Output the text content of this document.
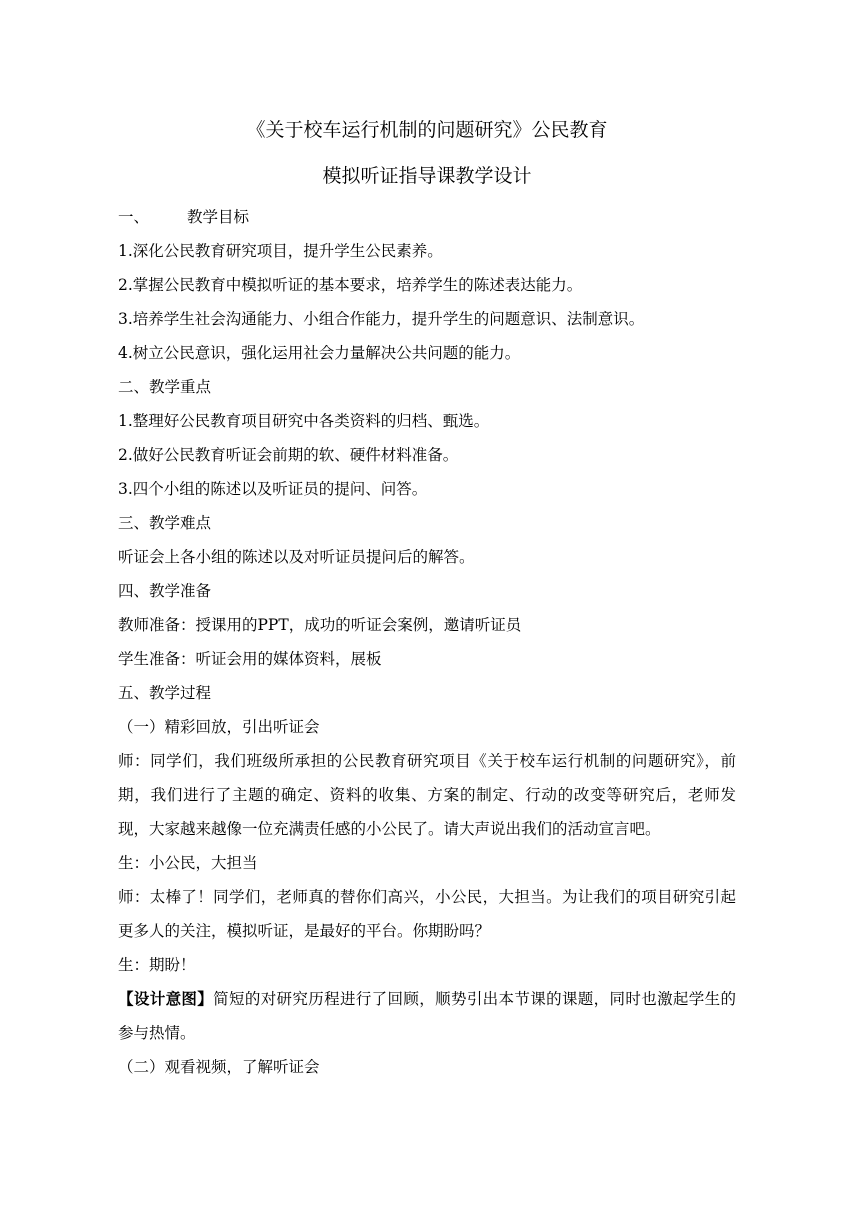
《关于校车运行机制的问题研究》公民教育

模拟听证指导课教学设计

一、 教学目标

1.深化公民教育研究项目，提升学生公民素养。

2.掌握公民教育中模拟听证的基本要求，培养学生的陈述表达能力。

3.培养学生社会沟通能力、小组合作能力，提升学生的问题意识、法制意识。

4.树立公民意识，强化运用社会力量解决公共问题的能力。

二、教学重点

1.整理好公民教育项目研究中各类资料的归档、甄选。

2.做好公民教育听证会前期的软、硬件材料准备。

3.四个小组的陈述以及听证员的提问、问答。

三、教学难点

听证会上各小组的陈述以及对听证员提问后的解答。

四、教学准备

教师准备：授课用的PPT，成功的听证会案例，邀请听证员

学生准备：听证会用的媒体资料，展板

五、教学过程

（一）精彩回放，引出听证会

师：同学们，我们班级所承担的公民教育研究项目《关于校车运行机制的问题研究》，前期，我们进行了主题的确定、资料的收集、方案的制定、行动的改变等研究后，老师发现，大家越来越像一位充满责任感的小公民了。请大声说出我们的活动宣言吧。

生：小公民，大担当

师：太棒了！同学们，老师真的替你们高兴，小公民，大担当。为让我们的项目研究引起更多人的关注，模拟听证，是最好的平台。你期盼吗？

生：期盼！

【设计意图】简短的对研究历程进行了回顾，顺势引出本节课的课题，同时也激起学生的参与热情。

（二）观看视频，了解听证会
